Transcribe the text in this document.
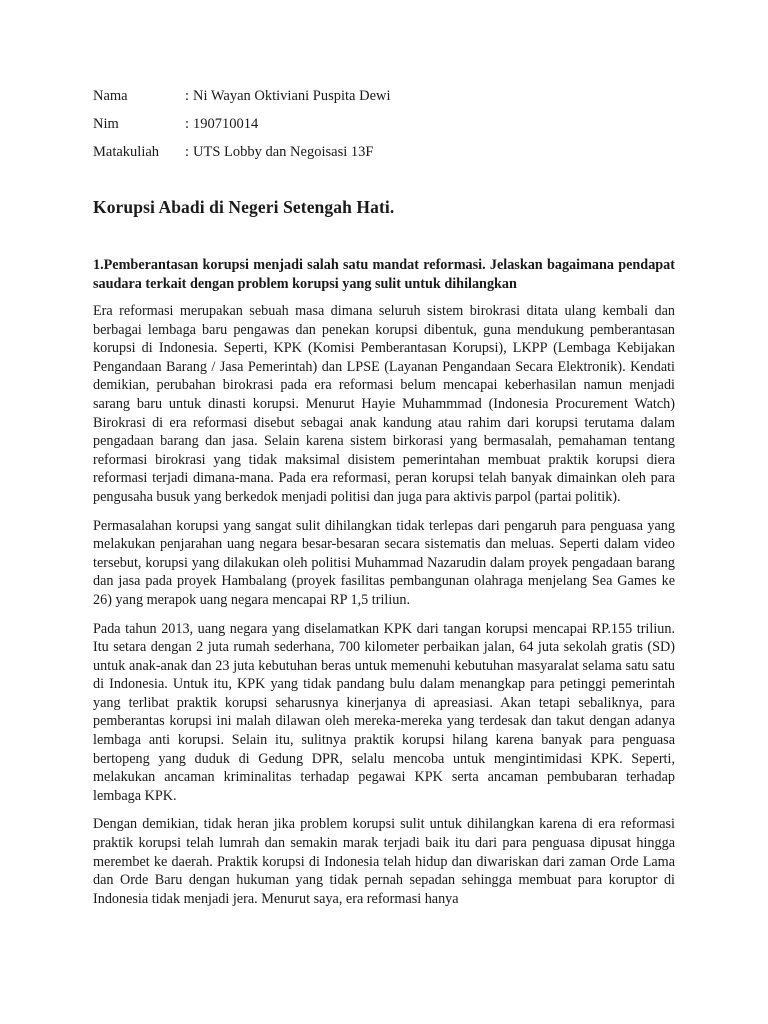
Nama	: Ni Wayan Oktiviani Puspita Dewi
Nim	: 190710014
Matakuliah	: UTS Lobby dan Negoisasi 13F
Korupsi Abadi di Negeri Setengah Hati.

1.Pemberantasan korupsi menjadi salah satu mandat reformasi. Jelaskan bagaimana pendapat saudara terkait dengan problem korupsi yang sulit untuk dihilangkan

Era reformasi merupakan sebuah masa dimana seluruh sistem birokrasi ditata ulang kembali dan berbagai lembaga baru pengawas dan penekan korupsi dibentuk, guna mendukung pemberantasan korupsi di Indonesia. Seperti, KPK (Komisi Pemberantasan Korupsi), LKPP (Lembaga Kebijakan Pengandaan Barang / Jasa Pemerintah) dan LPSE (Layanan Pengandaan Secara Elektronik). Kendati demikian, perubahan birokrasi pada era reformasi belum mencapai keberhasilan namun menjadi sarang baru untuk dinasti korupsi. Menurut Hayie Muhammmad (Indonesia Procurement Watch) Birokrasi di era reformasi disebut sebagai anak kandung atau rahim dari korupsi terutama dalam pengadaan barang dan jasa. Selain karena sistem birkorasi yang bermasalah, pemahaman tentang reformasi birokrasi yang tidak maksimal disistem pemerintahan membuat praktik korupsi diera reformasi terjadi dimana-mana. Pada era reformasi, peran korupsi telah banyak dimainkan oleh para pengusaha busuk yang berkedok menjadi politisi dan juga para aktivis parpol (partai politik).

Permasalahan korupsi yang sangat sulit dihilangkan tidak terlepas dari pengaruh para penguasa yang melakukan penjarahan uang negara besar-besaran secara sistematis dan meluas. Seperti dalam video tersebut, korupsi yang dilakukan oleh politisi Muhammad Nazarudin dalam proyek pengadaan barang dan jasa pada proyek Hambalang (proyek fasilitas pembangunan olahraga menjelang Sea Games ke 26) yang merapok uang negara mencapai RP 1,5 triliun.

Pada tahun 2013, uang negara yang diselamatkan KPK dari tangan korupsi mencapai RP.155 triliun. Itu setara dengan 2 juta rumah sederhana, 700 kilometer perbaikan jalan, 64 juta sekolah gratis (SD) untuk anak-anak dan 23 juta kebutuhan beras untuk memenuhi kebutuhan masyaralat selama satu satu di Indonesia. Untuk itu, KPK yang tidak pandang bulu dalam menangkap para petinggi pemerintah yang terlibat praktik korupsi seharusnya kinerjanya di apreasiasi. Akan tetapi sebaliknya, para pemberantas korupsi ini malah dilawan oleh mereka-mereka yang terdesak dan takut dengan adanya lembaga anti korupsi. Selain itu, sulitnya praktik korupsi hilang karena banyak para penguasa bertopeng yang duduk di Gedung DPR, selalu mencoba untuk mengintimidasi KPK. Seperti, melakukan ancaman kriminalitas terhadap pegawai KPK serta ancaman pembubaran terhadap lembaga KPK.

Dengan demikian, tidak heran jika problem korupsi sulit untuk dihilangkan karena di era reformasi praktik korupsi telah lumrah dan semakin marak terjadi baik itu dari para penguasa dipusat hingga merembet ke daerah. Praktik korupsi di Indonesia telah hidup dan diwariskan dari zaman Orde Lama dan Orde Baru dengan hukuman yang tidak pernah sepadan sehingga membuat para koruptor di Indonesia tidak menjadi jera. Menurut saya, era reformasi hanya
